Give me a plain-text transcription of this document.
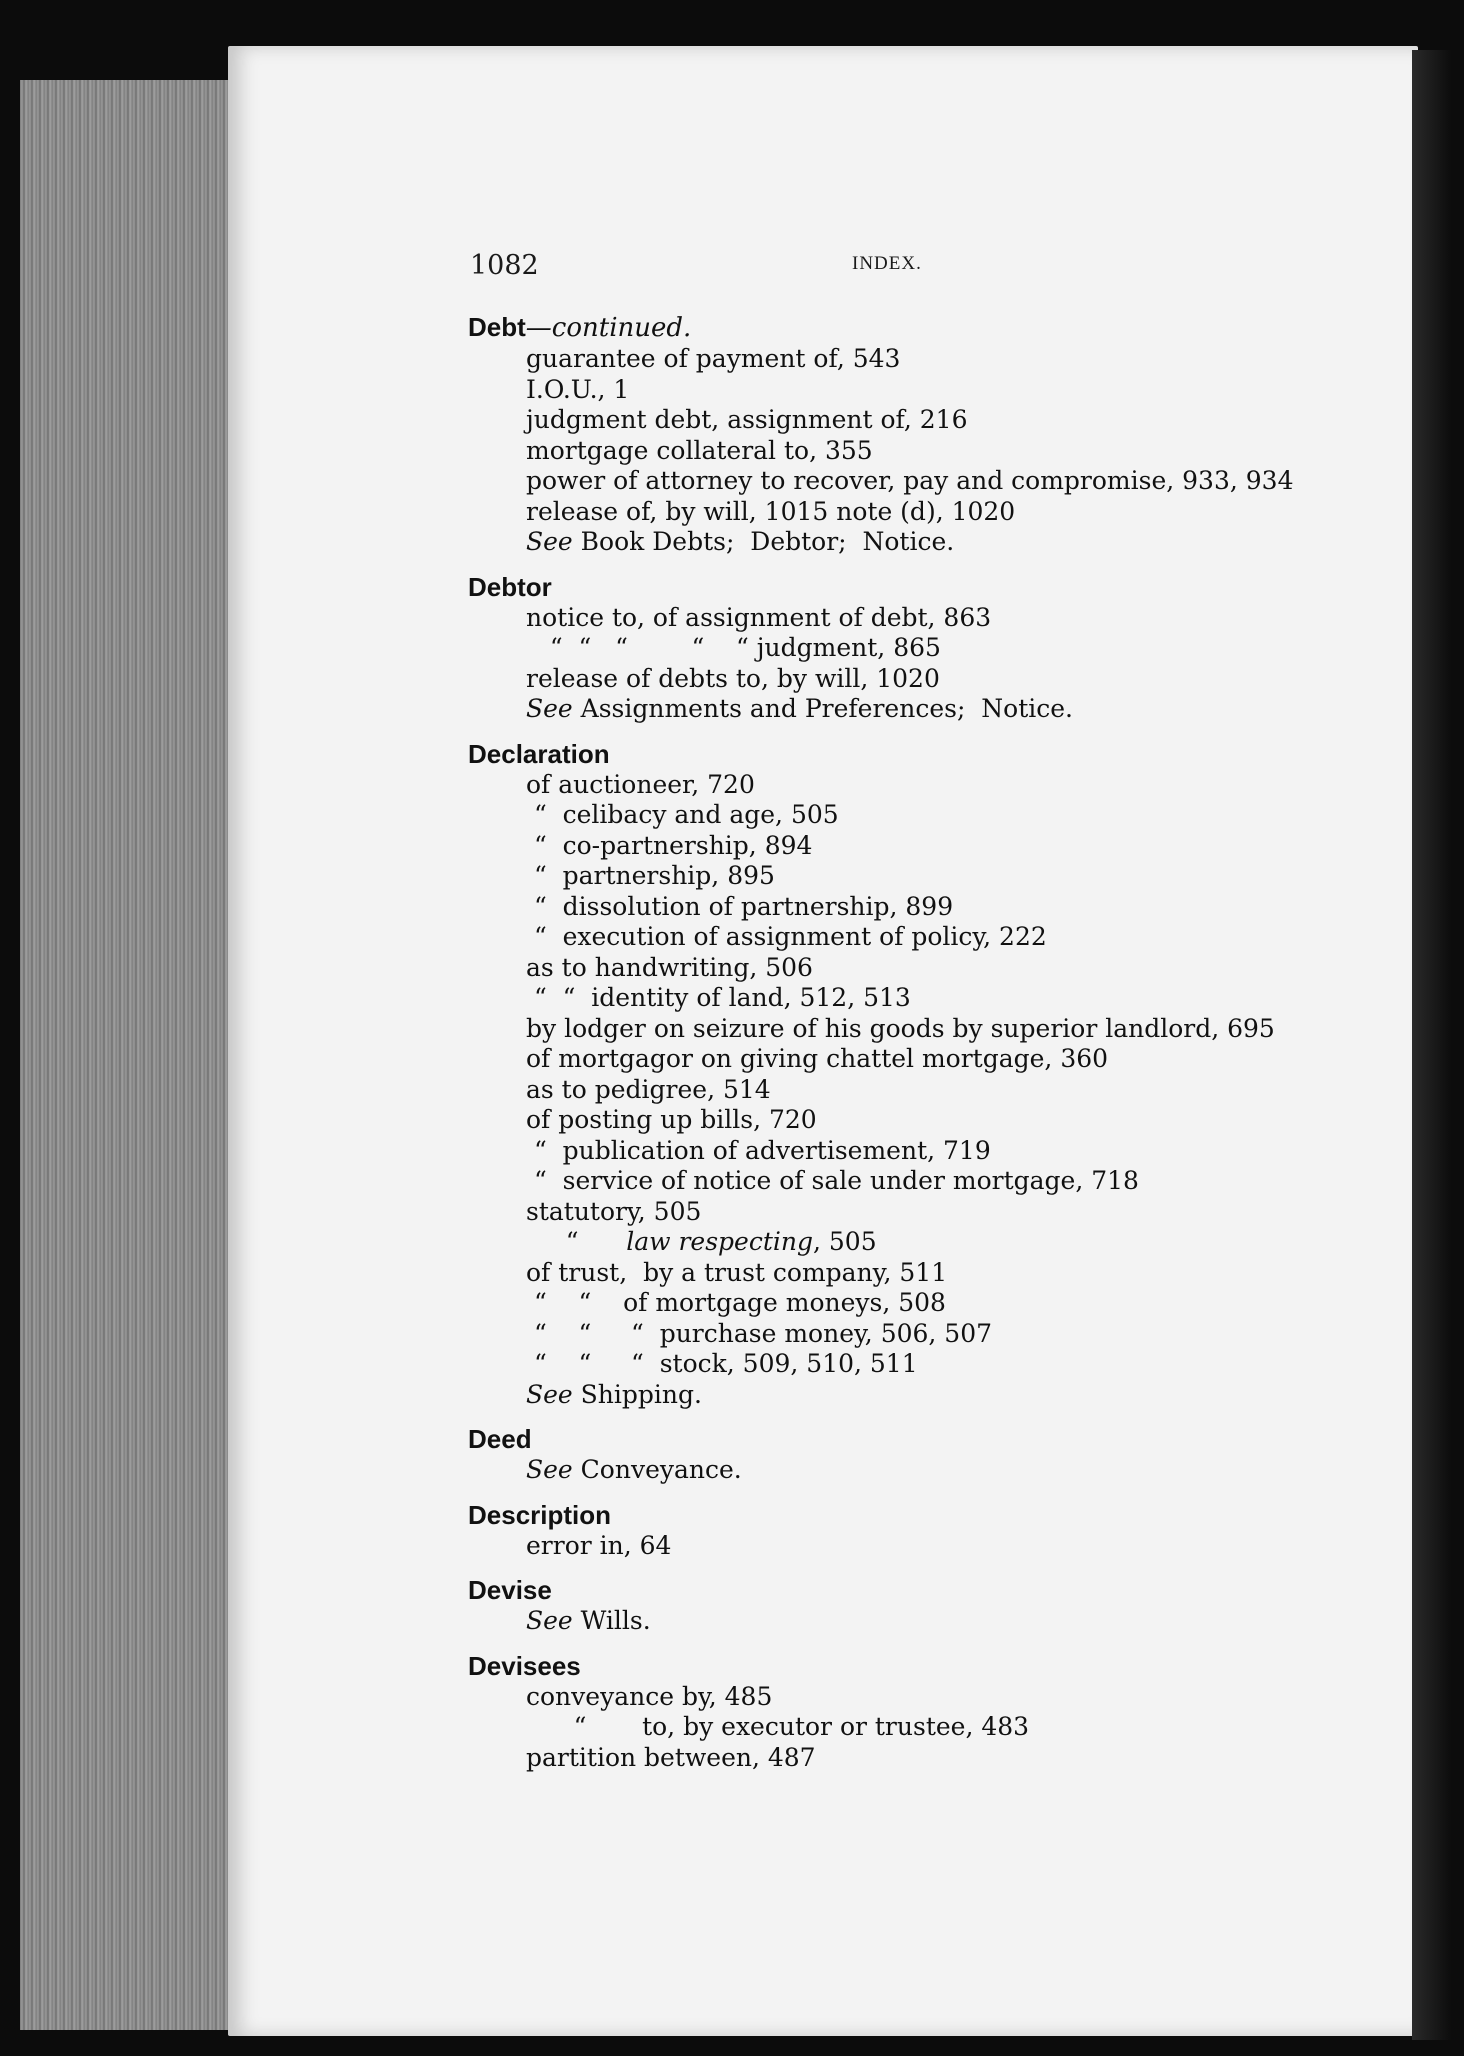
1082	INDEX.
Debt—continued.
guarantee of payment of, 543
I.O.U., 1
judgment debt, assignment of, 216
mortgage collateral to, 355
power of attorney to recover, pay and compromise, 933, 934
release of, by will, 1015 note (d), 1020
See Book Debts;  Debtor;  Notice.
Debtor
notice to, of assignment of debt, 863
“  “   “        “    “ judgment, 865
release of debts to, by will, 1020
See Assignments and Preferences;  Notice.
Declaration
of auctioneer, 720
“  celibacy and age, 505
“  co-partnership, 894
“  partnership, 895
“  dissolution of partnership, 899
“  execution of assignment of policy, 222
as to handwriting, 506
“  “  identity of land, 512, 513
by lodger on seizure of his goods by superior landlord, 695
of mortgagor on giving chattel mortgage, 360
as to pedigree, 514
of posting up bills, 720
“  publication of advertisement, 719
“  service of notice of sale under mortgage, 718
statutory, 505
“      law respecting, 505
of trust,  by a trust company, 511
“    “    of mortgage moneys, 508
“    “     “  purchase money, 506, 507
“    “     “  stock, 509, 510, 511
See Shipping.
Deed
See Conveyance.
Description
error in, 64
Devise
See Wills.
Devisees
conveyance by, 485
“       to, by executor or trustee, 483
partition between, 487
